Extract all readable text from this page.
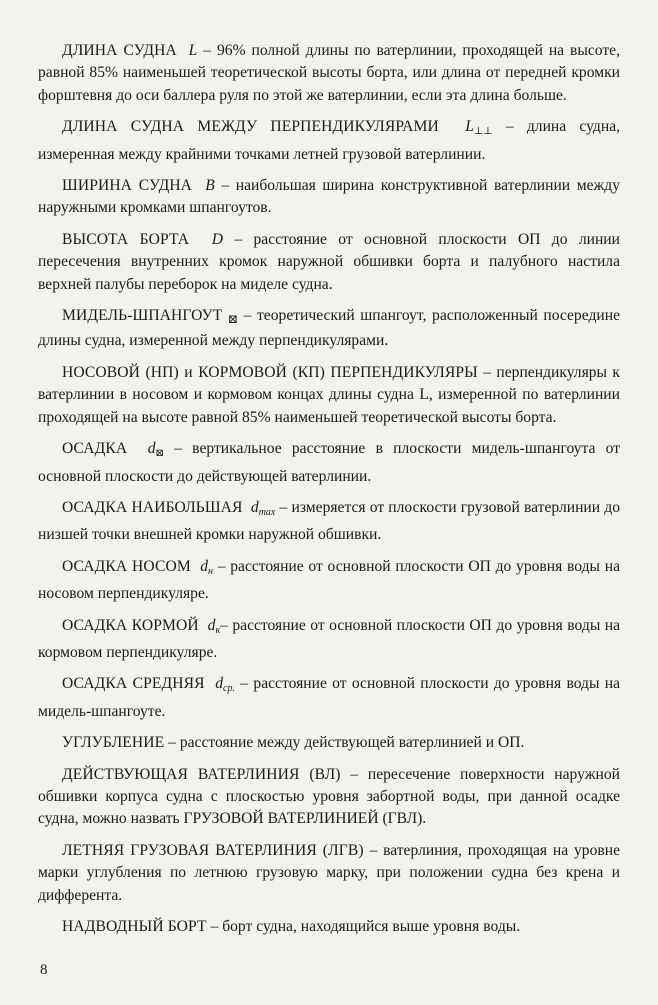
ДЛИНА СУДНА L – 96% полной длины по ватерлинии, проходящей на высоте, равной 85% наименьшей теоретической высоты борта, или длина от передней кромки форштевня до оси баллера руля по этой же ватерлинии, если эта длина больше.

ДЛИНА СУДНА МЕЖДУ ПЕРПЕНДИКУЛЯРАМИ $L_{\perp\perp}$ – длина судна, измеренная между крайними точками летней грузовой ватерлинии.

ШИРИНА СУДНА B – наибольшая ширина конструктивной ватерлинии между наружными кромками шпангоутов.

ВЫСОТА БОРТА D – расстояние от основной плоскости ОП до линии пересечения внутренних кромок наружной обшивки борта и палубного настила верхней палубы переборок на миделе судна.

МИДЕЛЬ-ШПАНГОУТ ⊠ – теоретический шпангоут, расположенный посередине длины судна, измеренной между перпендикулярами.

НОСОВОЙ (НП) и КОРМОВОЙ (КП) ПЕРПЕНДИКУЛЯРЫ – перпендикуляры к ватерлинии в носовом и кормовом концах длины судна L, измеренной по ватерлинии проходящей на высоте равной 85% наименьшей теоретической высоты борта.

ОСАДКА $d_⊠$ – вертикальное расстояние в плоскости мидель-шпангоута от основной плоскости до действующей ватерлинии.

ОСАДКА НАИБОЛЬШАЯ $d_{max}$ – измеряется от плоскости грузовой ватерлинии до низшей точки внешней кромки наружной обшивки.

ОСАДКА НОСОМ $d_н$ – расстояние от основной плоскости ОП до уровня воды на носовом перпендикуляре.

ОСАДКА КОРМОЙ $d_к-$ расстояние от основной плоскости ОП до уровня воды на кормовом перпендикуляре.

ОСАДКА СРЕДНЯЯ $d_{ср.}$ – расстояние от основной плоскости до уровня воды на мидель-шпангоуте.

УГЛУБЛЕНИЕ – расстояние между действующей ватерлинией и ОП.

ДЕЙСТВУЮЩАЯ ВАТЕРЛИНИЯ (ВЛ) – пересечение поверхности наружной обшивки корпуса судна с плоскостью уровня забортной воды, при данной осадке судна, можно назвать ГРУЗОВОЙ ВАТЕРЛИНИЕЙ (ГВЛ).

ЛЕТНЯЯ ГРУЗОВАЯ ВАТЕРЛИНИЯ (ЛГВ) – ватерлиния, проходящая на уровне марки углубления по летнюю грузовую марку, при положении судна без крена и дифферента.

НАДВОДНЫЙ БОРТ – борт судна, находящийся выше уровня воды.

8
